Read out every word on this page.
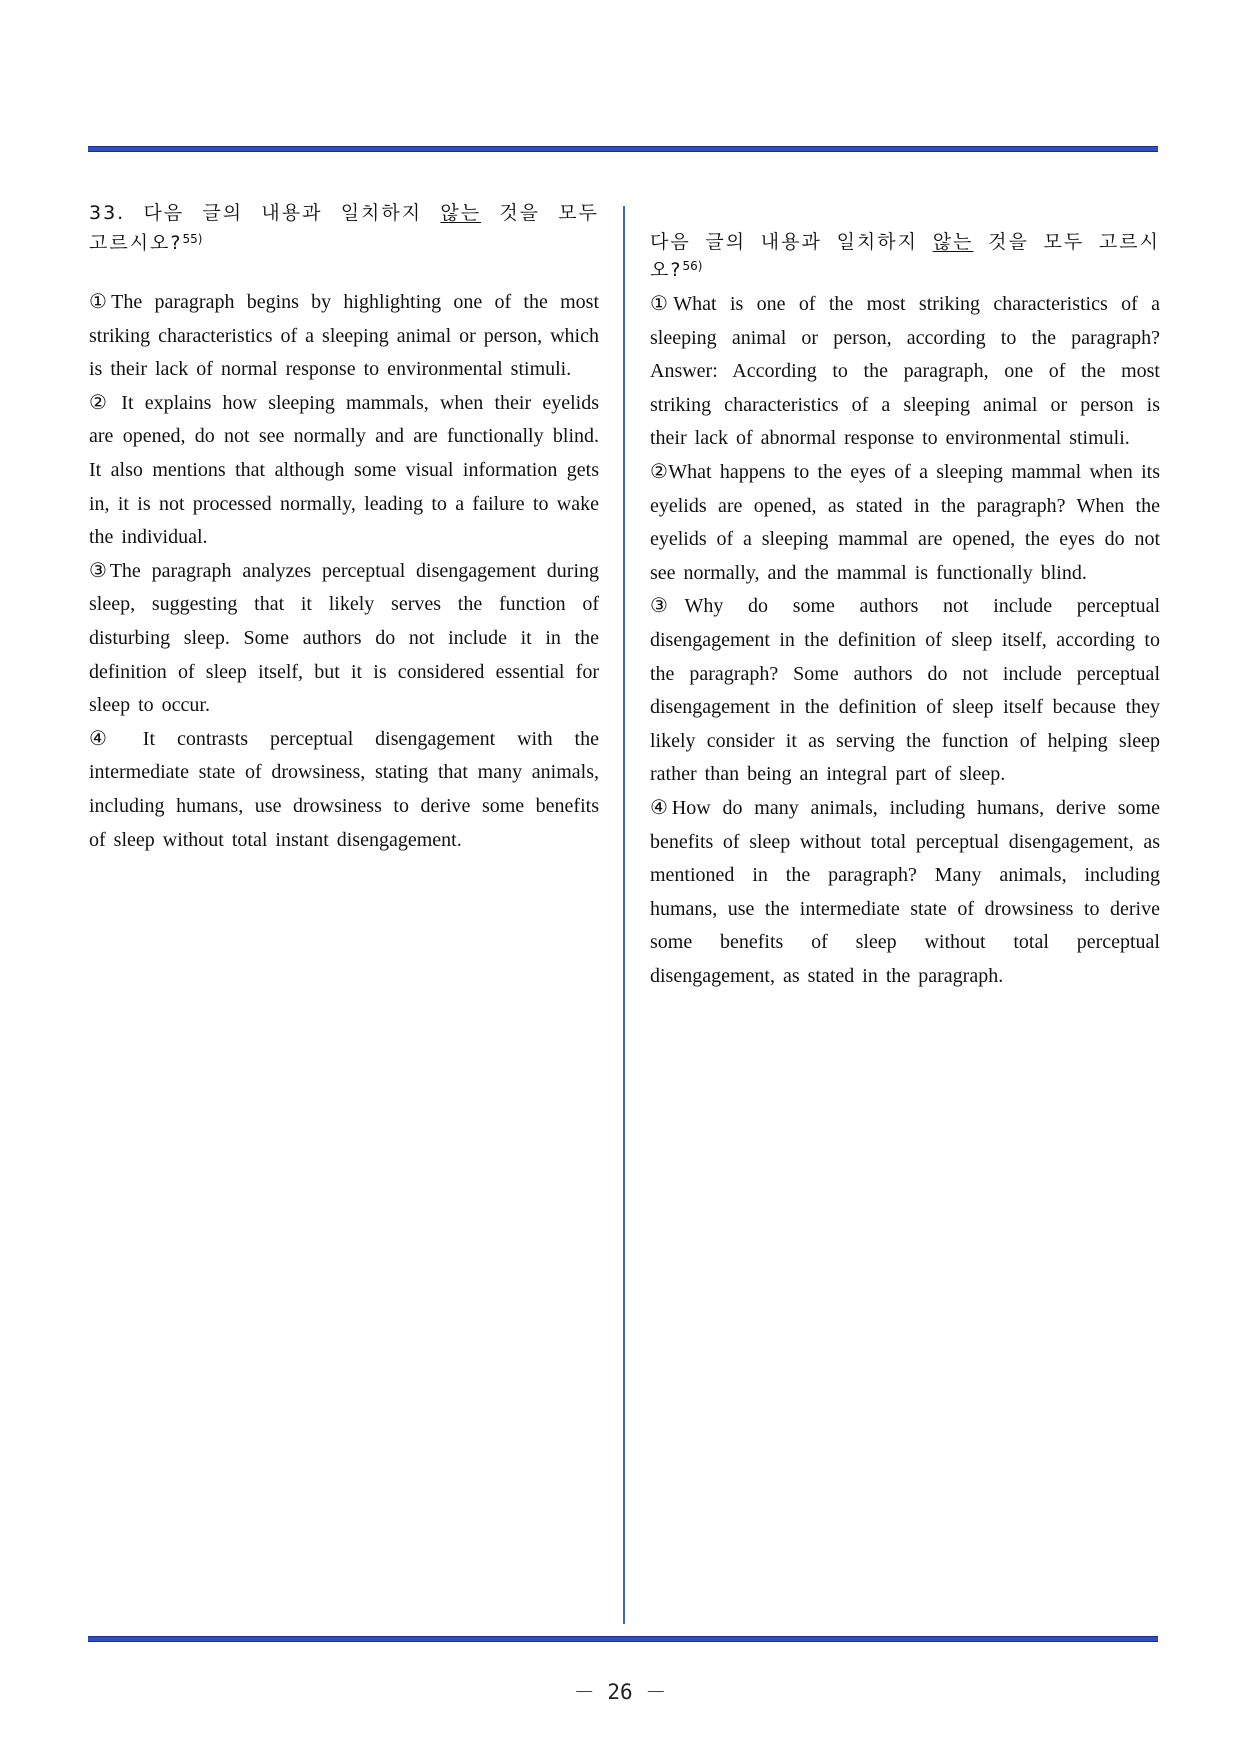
33. 다음 글의 내용과 일치하지 않는 것을 모두 고르시오?$^{55)}$

①The paragraph begins by highlighting one of the most striking characteristics of a sleeping animal or person, which is their lack of normal response to environmental stimuli.

② It explains how sleeping mammals, when their eyelids are opened, do not see normally and are functionally blind. It also mentions that although some visual information gets in, it is not processed normally, leading to a failure to wake the individual.

③The paragraph analyzes perceptual disengagement during sleep, suggesting that it likely serves the function of disturbing sleep. Some authors do not include it in the definition of sleep itself, but it is considered essential for sleep to occur.

④ It contrasts perceptual disengagement with the intermediate state of drowsiness, stating that many animals, including humans, use drowsiness to derive some benefits of sleep without total instant disengagement.

다음 글의 내용과 일치하지 않는 것을 모두 고르시오?$^{56)}$

①What is one of the most striking characteristics of a sleeping animal or person, according to the paragraph?Answer: According to the paragraph, one of the most striking characteristics of a sleeping animal or person is their lack of abnormal response to environmental stimuli.

②What happens to the eyes of a sleeping mammal when its eyelids are opened, as stated in the paragraph? When the eyelids of a sleeping mammal are opened, the eyes do not see normally, and the mammal is functionally blind.

③Why do some authors not include perceptual disengagement in the definition of sleep itself, according to the paragraph? Some authors do not include perceptual disengagement in the definition of sleep itself because they likely consider it as serving the function of helping sleep rather than being an integral part of sleep.

④How do many animals, including humans, derive some benefits of sleep without total perceptual disengagement, as mentioned in the paragraph? Many animals, including humans, use the intermediate state of drowsiness to derive some benefits of sleep without total perceptual disengagement, as stated in the paragraph.

－ 26 －
